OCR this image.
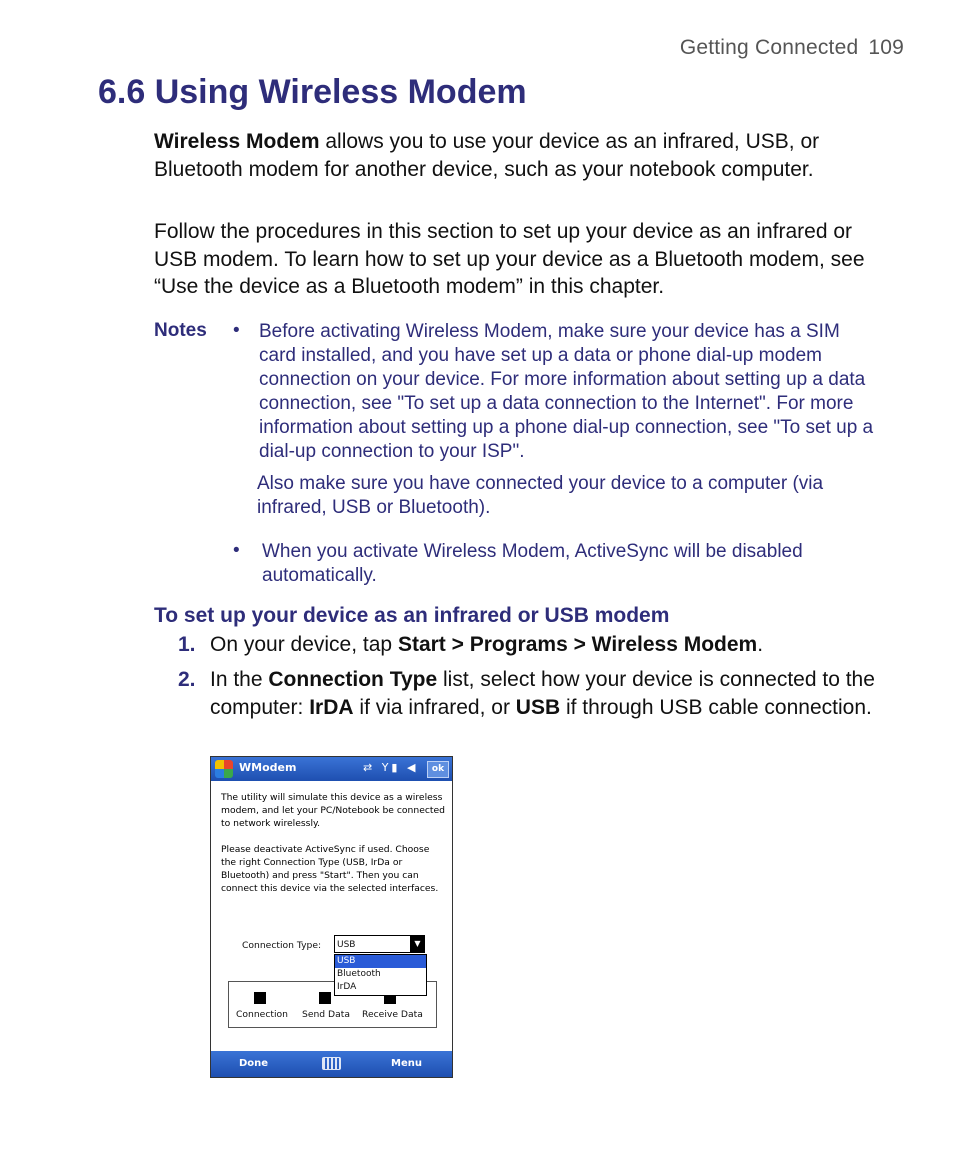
Getting Connected 109
6.6 Using Wireless Modem

Wireless Modem allows you to use your device as an infrared, USB, or Bluetooth modem for another device, such as your notebook computer.

Follow the procedures in this section to set up your device as an infrared or USB modem. To learn how to set up your device as a Bluetooth modem, see “Use the device as a Bluetooth modem” in this chapter.

Notes • Before activating Wireless Modem, make sure your device has a SIM card installed, and you have set up a data or phone dial-up modem connection on your device. For more information about setting up a data connection, see "To set up a data connection to the Internet". For more information about setting up a phone dial-up connection, see "To set up a dial-up connection to your ISP".

Also make sure you have connected your device to a computer (via infrared, USB or Bluetooth).

• When you activate Wireless Modem, ActiveSync will be disabled automatically.

To set up your device as an infrared or USB modem
1. On your device, tap Start > Programs > Wireless Modem.

2. In the Connection Type list, select how your device is connected to the computer: IrDA if via infrared, or USB if through USB cable connection.

WModem	⇄ Y▮ ◀	ok

The utility will simulate this device as a wireless modem, and let your PC/Notebook be connected to network wirelessly.

Please deactivate ActiveSync if used. Choose the right Connection Type (USB, IrDa or Bluetooth) and press "Start". Then you can connect this device via the selected interfaces.

Connection Type:	USB	▼
Connection Send Data Receive Data
USB
Bluetooth
IrDA
Done	Menu
